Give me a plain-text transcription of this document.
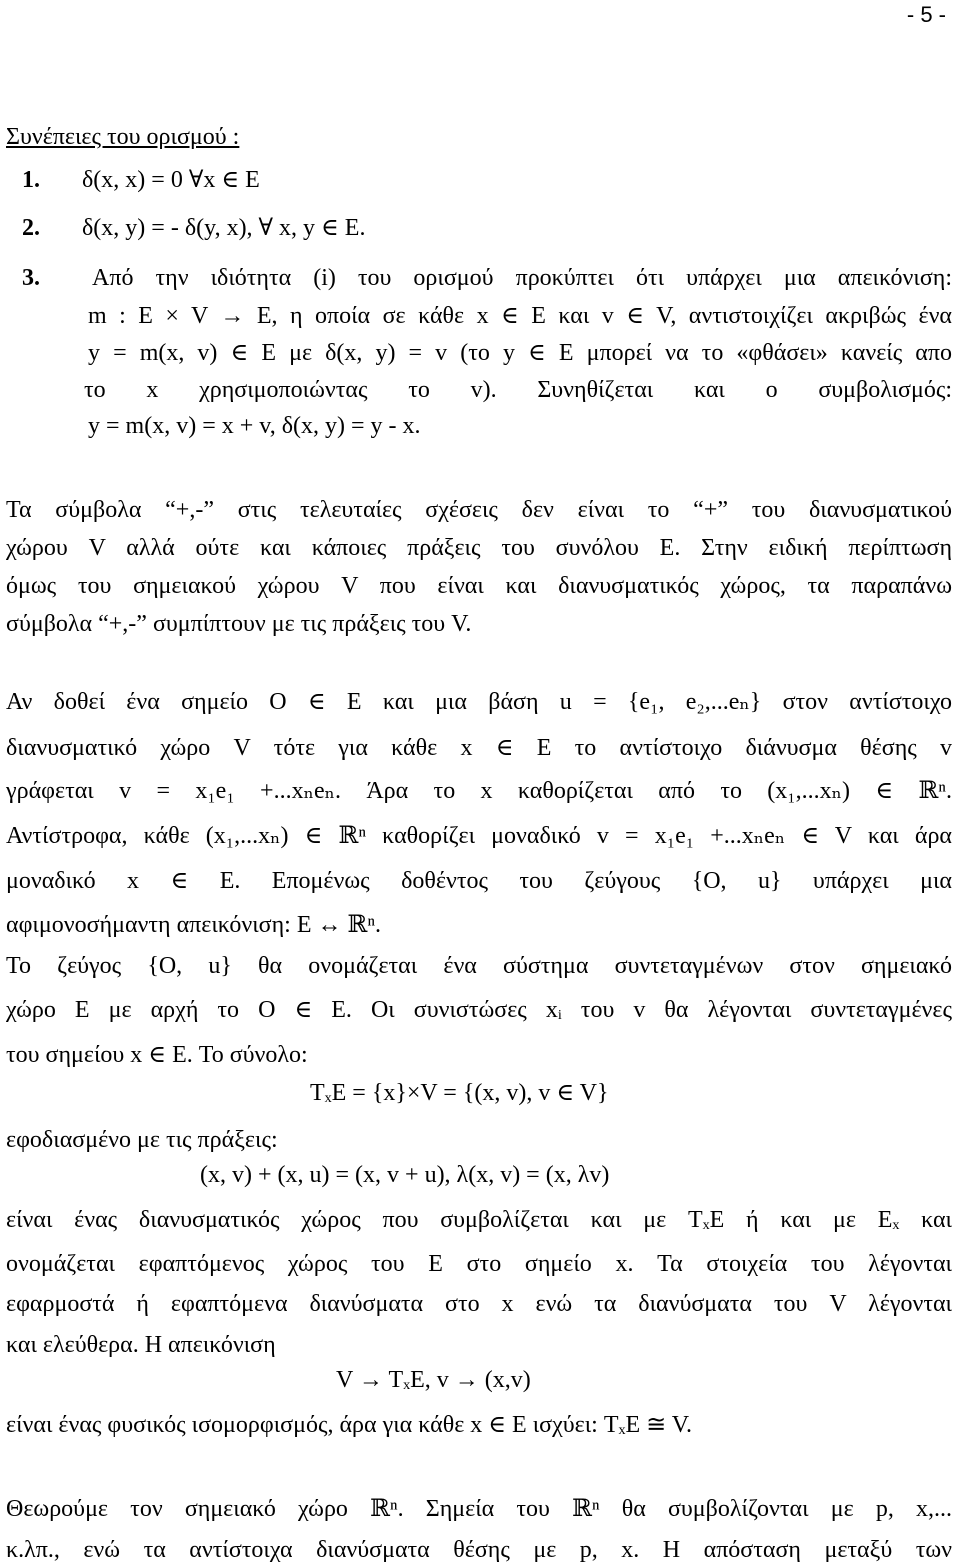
- 5 -
Συνέπειες του ορισμού :
1. δ(x, x) = 0 ∀x ∈ E
2. δ(x, y) = - δ(y, x), ∀ x, y ∈ E.
3. Από την ιδιότητα (i) του ορισμού προκύπτει ότι υπάρχει μια απεικόνιση:
m : E × V → E, η οποία σε κάθε x ∈ Ε και v ∈ V, αντιστοιχίζει ακριβώς ένα
y = m(x, v) ∈ E με δ(x, y) = v (το y ∈ E μπορεί να το «φθάσει» κανείς απο
το x χρησιμοποιώντας το v). Συνηθίζεται και ο συμβολισμός:
y = m(x, v) = x + v, δ(x, y) = y - x.
Τα σύμβολα “+,-” στις τελευταίες σχέσεις δεν είναι το “+” του διανυσματικού
χώρου V αλλά ούτε και κάποιες πράξεις του συνόλου Ε. Στην ειδική περίπτωση
όμως του σημειακού χώρου V που είναι και διανυσματικός χώρος, τα παραπάνω
σύμβολα “+,-” συμπίπτουν με τις πράξεις του V.
Αν δοθεί ένα σημείο O ∈ E και μια βάση u = {e₁, e₂,...eₙ} στον αντίστοιχο
διανυσματικό χώρο V τότε για κάθε x ∈ E το αντίστοιχο διάνυσμα θέσης v
γράφεται v = x₁e₁ +...xₙeₙ. Άρα το x καθορίζεται από το (x₁,...xₙ) ∈ ℝⁿ.
Αντίστροφα, κάθε (x₁,...xₙ) ∈ ℝⁿ καθορίζει μοναδικό v = x₁e₁ +...xₙeₙ ∈ V και άρα
μοναδικό x ∈ E. Επομένως δοθέντος του ζεύγους {O, u} υπάρχει μια
αφιμονοσήμαντη απεικόνιση: E ↔ ℝⁿ.
Το ζεύγος {O, u} θα ονομάζεται ένα σύστημα συντεταγμένων στον σημειακό
χώρο E με αρχή το O ∈ E. Οι συνιστώσες xᵢ του v θα λέγονται συντεταγμένες
του σημείου x ∈ E. Το σύνολο:
TₓE = {x}×V = {(x, v), v ∈ V}
εφοδιασμένο με τις πράξεις:
(x, v) + (x, u) = (x, v + u), λ(x, v) = (x, λv)
είναι ένας διανυσματικός χώρος που συμβολίζεται και με TₓE ή και με Eₓ και
ονομάζεται εφαπτόμενος χώρος του Ε στο σημείο x. Τα στοιχεία του λέγονται
εφαρμοστά ή εφαπτόμενα διανύσματα στο x ενώ τα διανύσματα του V λέγονται
και ελεύθερα. Η απεικόνιση
V → TₓE, v → (x,v)
είναι ένας φυσικός ισομορφισμός, άρα για κάθε x ∈ E ισχύει: TₓE ≅ V.
Θεωρούμε τον σημειακό χώρο ℝⁿ. Σημεία του ℝⁿ θα συμβολίζονται με p, x,...
κ.λπ., ενώ τα αντίστοιχα διανύσματα θέσης με p, x. Η απόσταση μεταξύ των
